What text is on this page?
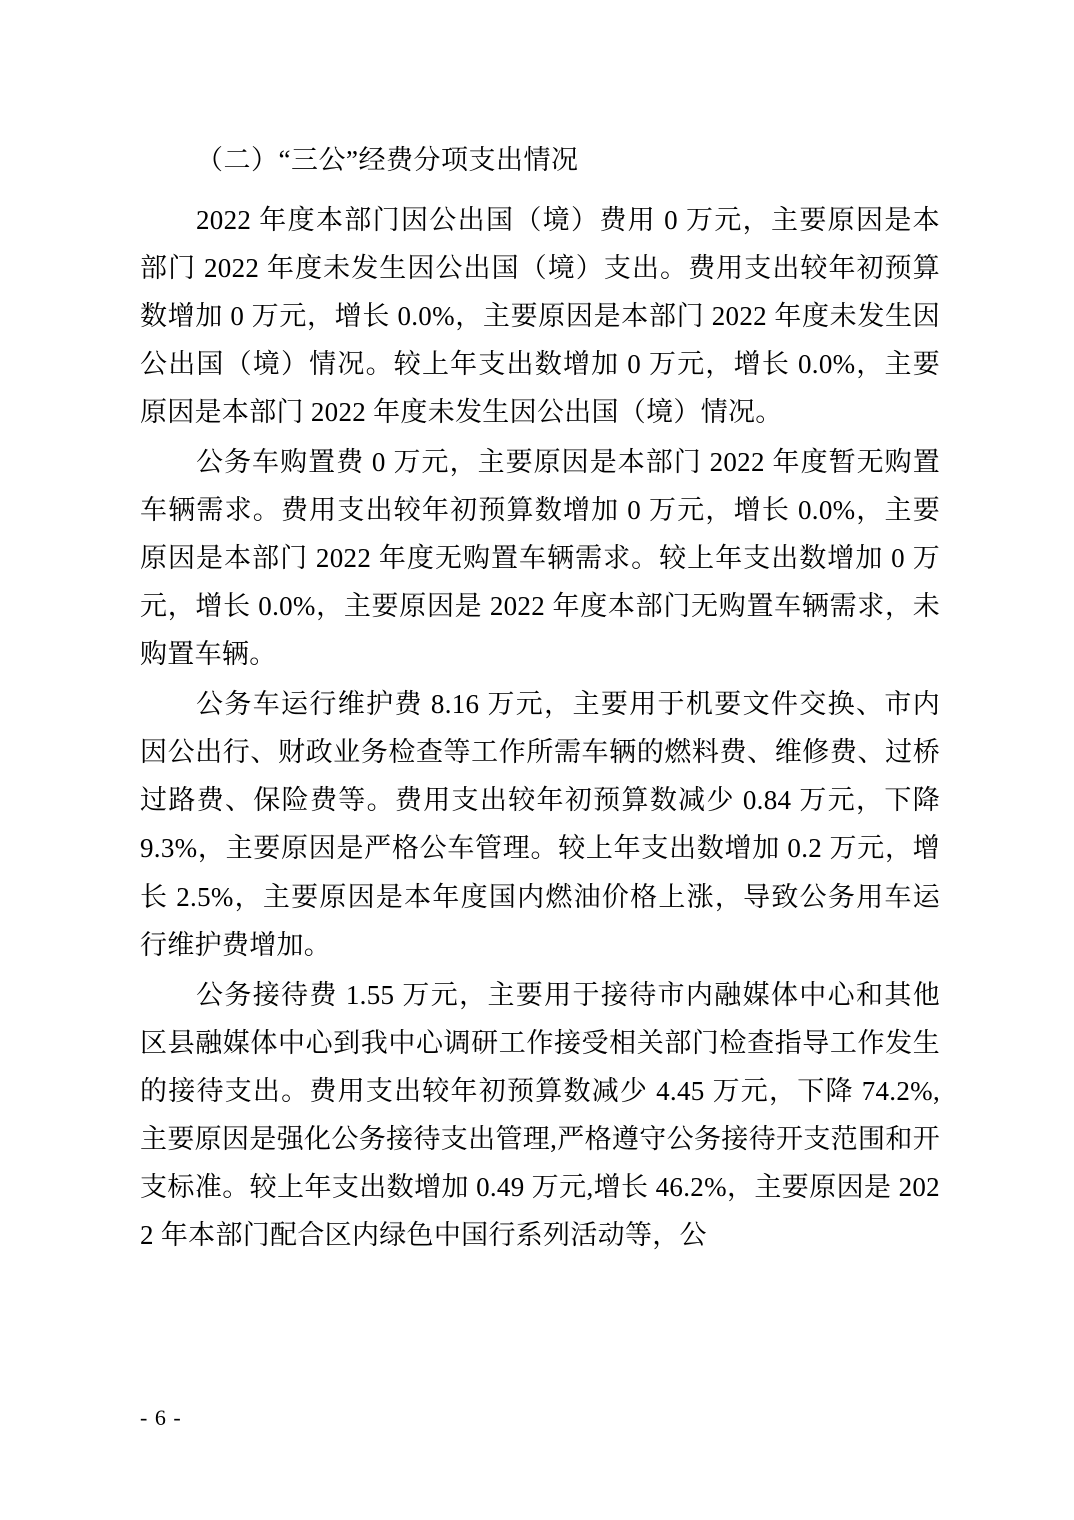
（二）“三公”经费分项支出情况

2022 年度本部门因公出国（境）费用 0 万元，主要原因是本部门 2022 年度未发生因公出国（境）支出。费用支出较年初预算数增加 0 万元，增长 0.0%，主要原因是本部门 2022 年度未发生因公出国（境）情况。较上年支出数增加 0 万元，增长 0.0%，主要原因是本部门 2022 年度未发生因公出国（境）情况。

公务车购置费 0 万元，主要原因是本部门 2022 年度暂无购置车辆需求。费用支出较年初预算数增加 0 万元，增长 0.0%，主要原因是本部门 2022 年度无购置车辆需求。较上年支出数增加 0 万元，增长 0.0%，主要原因是 2022 年度本部门无购置车辆需求，未购置车辆。

公务车运行维护费 8.16 万元，主要用于机要文件交换、市内因公出行、财政业务检查等工作所需车辆的燃料费、维修费、过桥过路费、保险费等。费用支出较年初预算数减少 0.84 万元，下降 9.3%，主要原因是严格公车管理。较上年支出数增加 0.2 万元，增长 2.5%，主要原因是本年度国内燃油价格上涨，导致公务用车运行维护费增加。

公务接待费 1.55 万元，主要用于接待市内融媒体中心和其他区县融媒体中心到我中心调研工作接受相关部门检查指导工作发生的接待支出。费用支出较年初预算数减少 4.45 万元，下降 74.2%,主要原因是强化公务接待支出管理,严格遵守公务接待开支范围和开支标准。较上年支出数增加 0.49 万元,增长 46.2%，主要原因是 2022 年本部门配合区内绿色中国行系列活动等，公

- 6 -
